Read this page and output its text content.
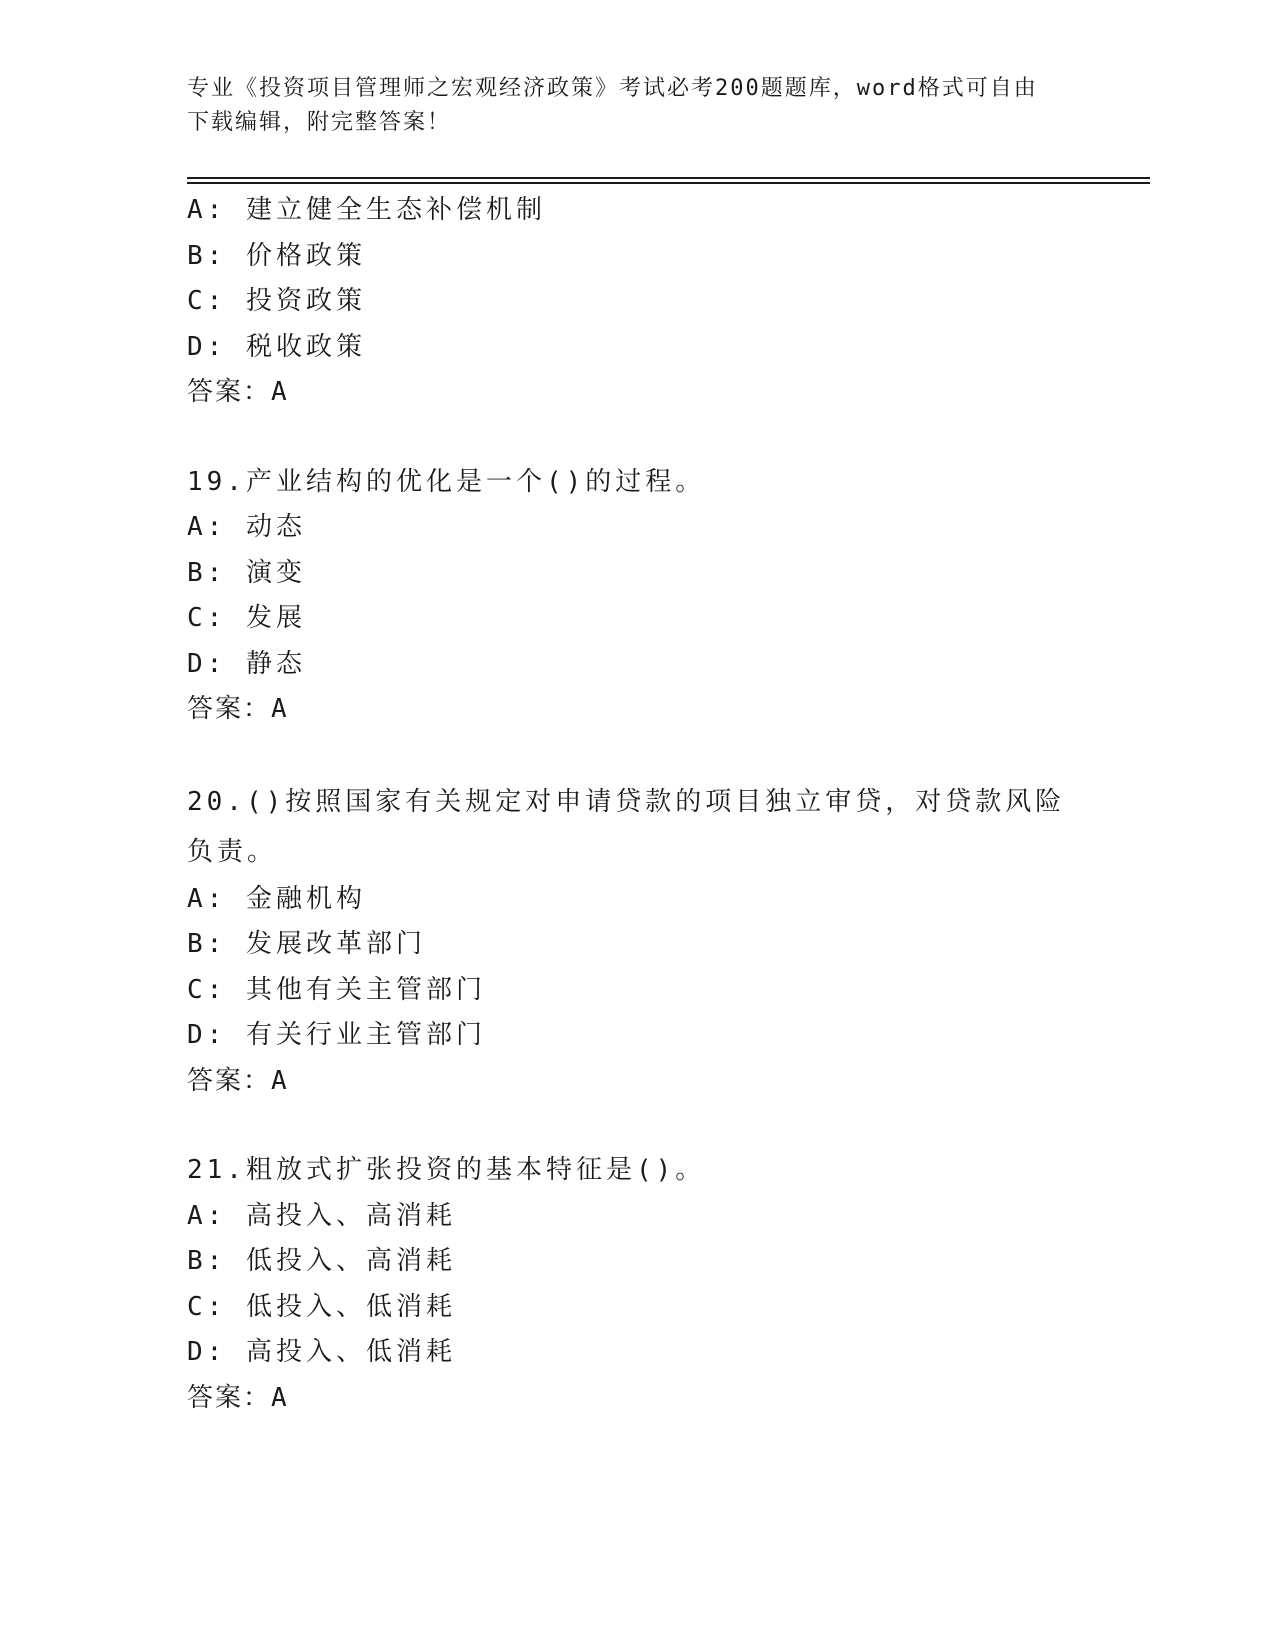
专业《投资项目管理师之宏观经济政策》考试必考200题题库，word格式可自由
下载编辑，附完整答案！
A: 建立健全生态补偿机制
B: 价格政策
C: 投资政策
D: 税收政策
答案：A
19.产业结构的优化是一个()的过程。
A: 动态
B: 演变
C: 发展
D: 静态
答案：A
20.()按照国家有关规定对申请贷款的项目独立审贷，对贷款风险负责。
A: 金融机构
B: 发展改革部门
C: 其他有关主管部门
D: 有关行业主管部门
答案：A
21.粗放式扩张投资的基本特征是()。
A: 高投入、高消耗
B: 低投入、高消耗
C: 低投入、低消耗
D: 高投入、低消耗
答案：A
